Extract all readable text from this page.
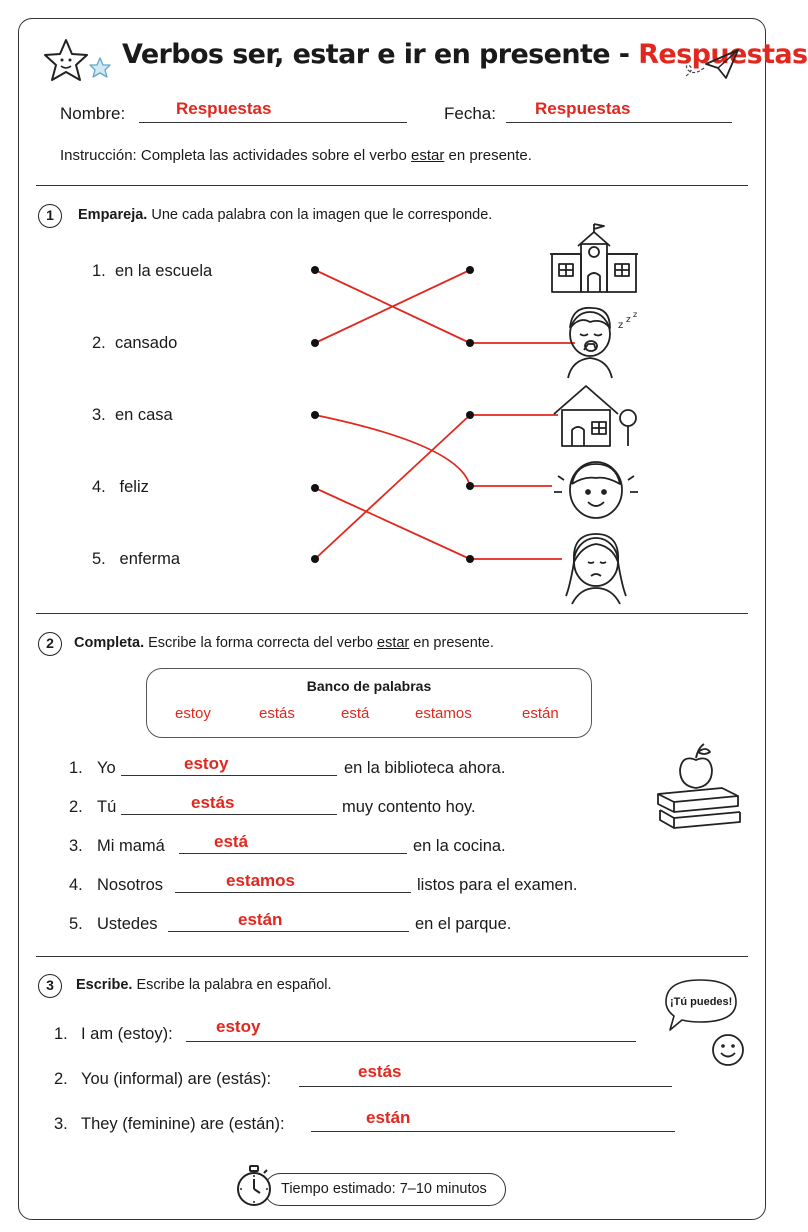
Verbos ser, estar e ir en presente - Respuestas
Nombre:	Respuestas	Fecha: Respuestas
Instrucción: Completa las actividades sobre el verbo estar en presente.
1	Empareja. Une cada palabra con la imagen que le corresponde.
1. en la escuela
2. cansado
3. en casa
4. feliz
5. enferma
z z
z
2	Completa. Escribe la forma correcta del verbo estar en presente.
Banco de palabras
estoy	estás	está	estamos	están
1. Yo	estoy	en la biblioteca ahora.
2. Tú	estás	muy contento hoy.
3. Mi mamá	está	en la cocina.
4. Nosotros	estamos	listos para el examen.
5. Ustedes	están	en el parque.
3	Escribe. Escribe la palabra en español.
¡Tú puedes!
1. I am (estoy):	estoy
2. You (informal) are (estás):	estás
3. They (feminine) are (están):	están
Tiempo estimado: 7–10 minutos
